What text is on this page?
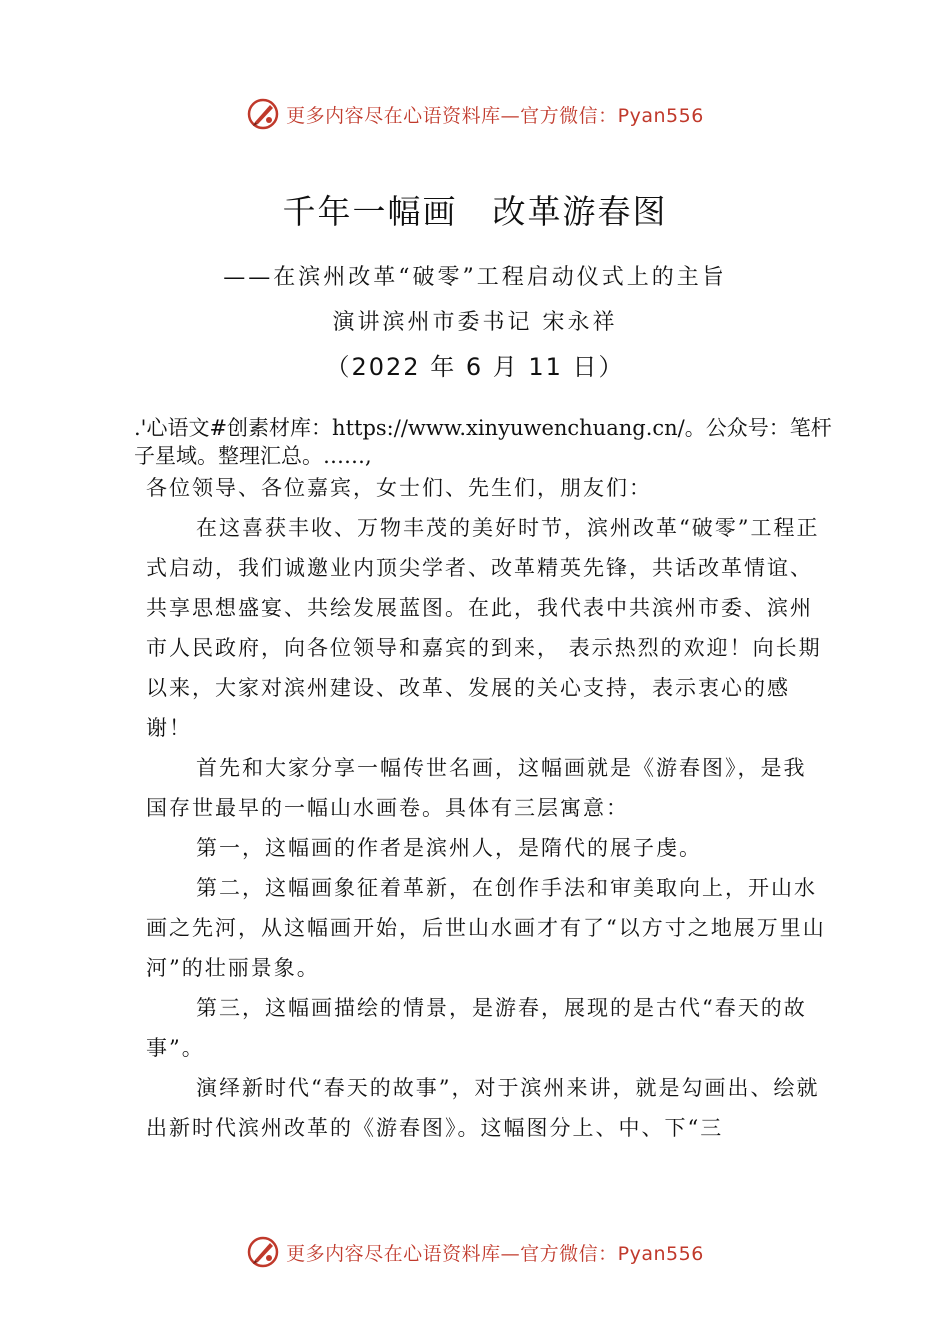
更多内容尽在心语资料库—官方微信：Pyan556
千年一幅画　改革游春图
——在滨州改革“破零”工程启动仪式上的主旨
演讲滨州市委书记 宋永祥
（2022 年 6 月 11 日）
.'心语文#创素材库：https://www.xinyuwenchuang.cn/。公众号：笔杆子星域。整理汇总。……,

各位领导、各位嘉宾，女士们、先生们，朋友们：

在这喜获丰收、万物丰茂的美好时节，滨州改革“破零”工程正式启动，我们诚邀业内顶尖学者、改革精英先锋，共话改革情谊、共享思想盛宴、共绘发展蓝图。在此，我代表中共滨州市委、滨州市人民政府，向各位领导和嘉宾的到来， 表示热烈的欢迎！向长期以来，大家对滨州建设、改革、发展的关心支持，表示衷心的感谢！

首先和大家分享一幅传世名画，这幅画就是《游春图》，是我国存世最早的一幅山水画卷。具体有三层寓意：

第一，这幅画的作者是滨州人，是隋代的展子虔。

第二，这幅画象征着革新，在创作手法和审美取向上，开山水画之先河，从这幅画开始，后世山水画才有了“以方寸之地展万里山河”的壮丽景象。

第三，这幅画描绘的情景，是游春，展现的是古代“春天的故事”。

演绎新时代“春天的故事”，对于滨州来讲，就是勾画出、绘就出新时代滨州改革的《游春图》。这幅图分上、中、下“三

更多内容尽在心语资料库—官方微信：Pyan556
